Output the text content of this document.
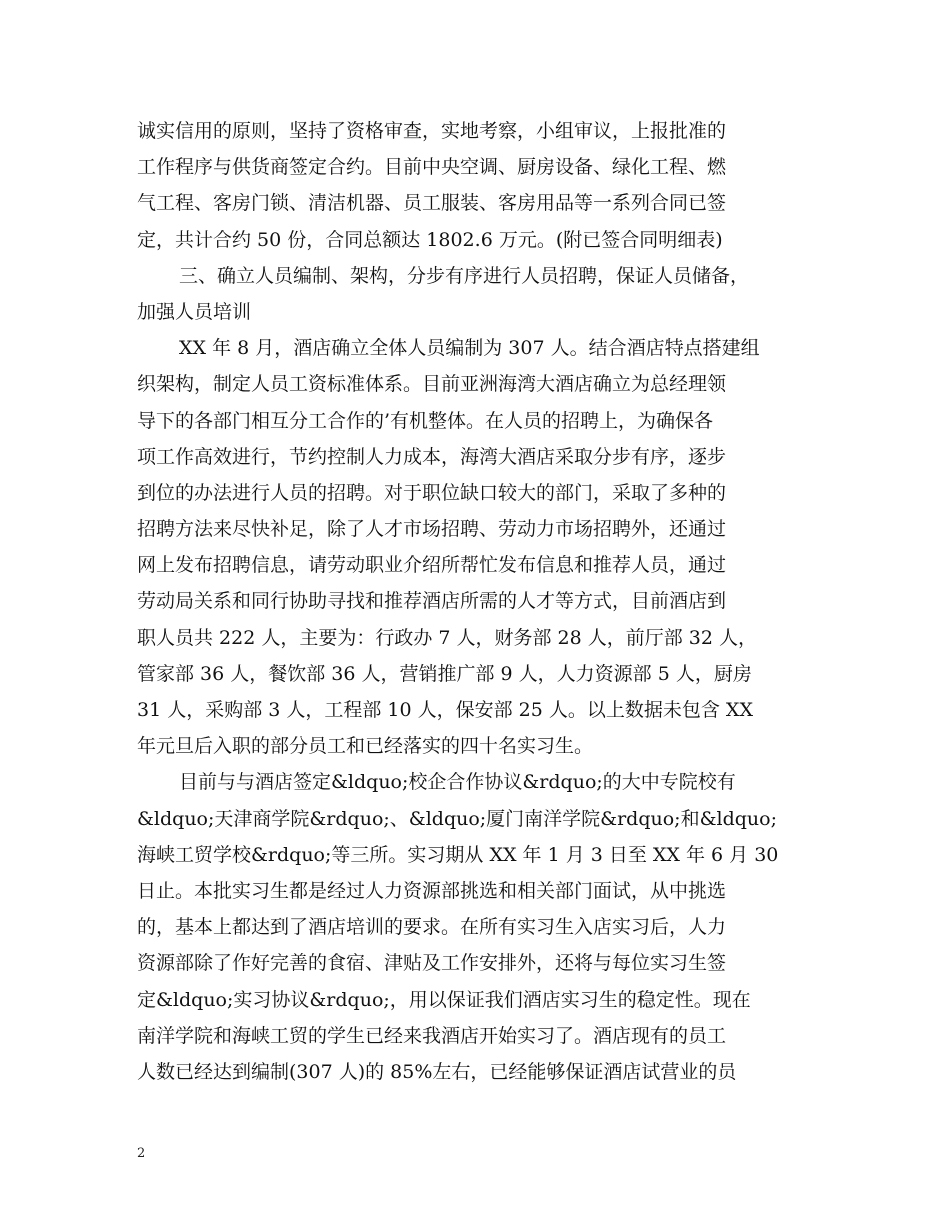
诚实信用的原则，坚持了资格审查，实地考察，小组审议，上报批准的
工作程序与供货商签定合约。目前中央空调、厨房设备、绿化工程、燃
气工程、客房门锁、清洁机器、员工服装、客房用品等一系列合同已签
定，共计合约 50 份，合同总额达 1802.6 万元。(附已签合同明细表)
三、确立人员编制、架构，分步有序进行人员招聘，保证人员储备，
加强人员培训
XX 年 8 月，酒店确立全体人员编制为 307 人。结合酒店特点搭建组
织架构，制定人员工资标准体系。目前亚洲海湾大酒店确立为总经理领
导下的各部门相互分工合作的’有机整体。在人员的招聘上，为确保各
项工作高效进行，节约控制人力成本，海湾大酒店采取分步有序，逐步
到位的办法进行人员的招聘。对于职位缺口较大的部门，采取了多种的
招聘方法来尽快补足，除了人才市场招聘、劳动力市场招聘外，还通过
网上发布招聘信息，请劳动职业介绍所帮忙发布信息和推荐人员，通过
劳动局关系和同行协助寻找和推荐酒店所需的人才等方式，目前酒店到
职人员共 222 人，主要为：行政办 7 人，财务部 28 人，前厅部 32 人，
管家部 36 人，餐饮部 36 人，营销推广部 9 人，人力资源部 5 人，厨房
31 人，采购部 3 人，工程部 10 人，保安部 25 人。以上数据未包含 XX
年元旦后入职的部分员工和已经落实的四十名实习生。
目前与与酒店签定&ldquo;校企合作协议&rdquo;的大中专院校有
&ldquo;天津商学院&rdquo;、&ldquo;厦门南洋学院&rdquo;和&ldquo;
海峡工贸学校&rdquo;等三所。实习期从 XX 年 1 月 3 日至 XX 年 6 月 30
日止。本批实习生都是经过人力资源部挑选和相关部门面试，从中挑选
的，基本上都达到了酒店培训的要求。在所有实习生入店实习后，人力
资源部除了作好完善的食宿、津贴及工作安排外，还将与每位实习生签
定&ldquo;实习协议&rdquo;，用以保证我们酒店实习生的稳定性。现在
南洋学院和海峡工贸的学生已经来我酒店开始实习了。酒店现有的员工
人数已经达到编制(307 人)的 85%左右，已经能够保证酒店试营业的员
2
